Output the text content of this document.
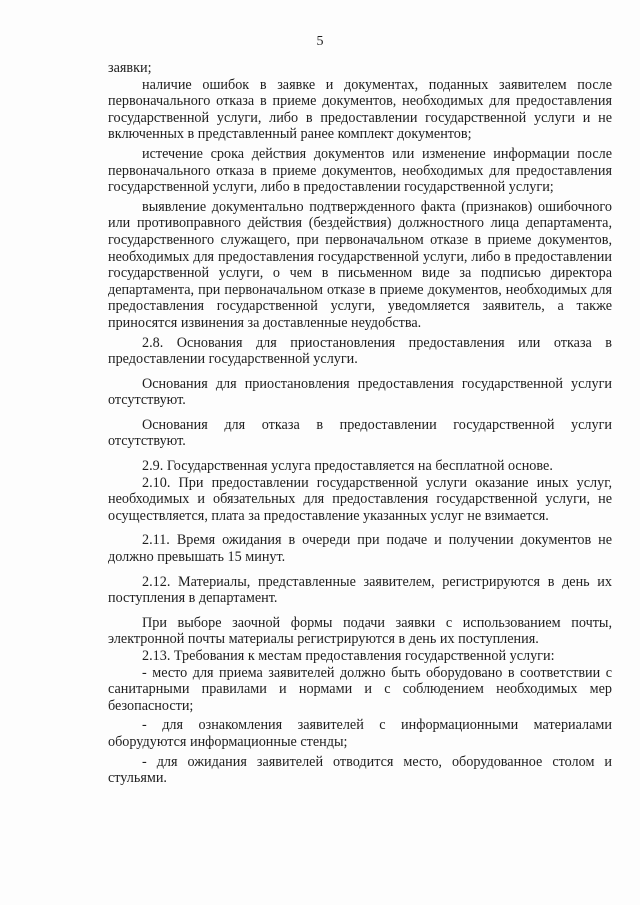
5

заявки;

наличие ошибок в заявке и документах, поданных заявителем после первоначального отказа в приеме документов, необходимых для предоставления государственной услуги, либо в предоставлении государственной услуги и не включенных в представленный ранее комплект документов;

истечение срока действия документов или изменение информации после первоначального отказа в приеме документов, необходимых для предоставления государственной услуги, либо в предоставлении государственной услуги;

выявление документально подтвержденного факта (признаков) ошибочного или противоправного действия (бездействия) должностного лица департамента, государственного служащего, при первоначальном отказе в приеме документов, необходимых для предоставления государственной услуги, либо в предоставлении государственной услуги, о чем в письменном виде за подписью директора департамента, при первоначальном отказе в приеме документов, необходимых для предоставления государственной услуги, уведомляется заявитель, а также приносятся извинения за доставленные неудобства.

2.8. Основания для приостановления предоставления или отказа в предоставлении государственной услуги.

Основания для приостановления предоставления государственной услуги отсутствуют.

Основания для отказа в предоставлении государственной услуги отсутствуют.

2.9. Государственная услуга предоставляется на бесплатной основе.

2.10. При предоставлении государственной услуги оказание иных услуг, необходимых и обязательных для предоставления государственной услуги, не осуществляется, плата за предоставление указанных услуг не взимается.

2.11. Время ожидания в очереди при подаче и получении документов не должно превышать 15 минут.

2.12. Материалы, представленные заявителем, регистрируются в день их поступления в департамент.

При выборе заочной формы подачи заявки с использованием почты, электронной почты материалы регистрируются в день их поступления.

2.13. Требования к местам предоставления государственной услуги:

- место для приема заявителей должно быть оборудовано в соответствии с санитарными правилами и нормами и с соблюдением необходимых мер безопасности;

- для ознакомления заявителей с информационными материалами оборудуются информационные стенды;

- для ожидания заявителей отводится место, оборудованное столом и стульями.
